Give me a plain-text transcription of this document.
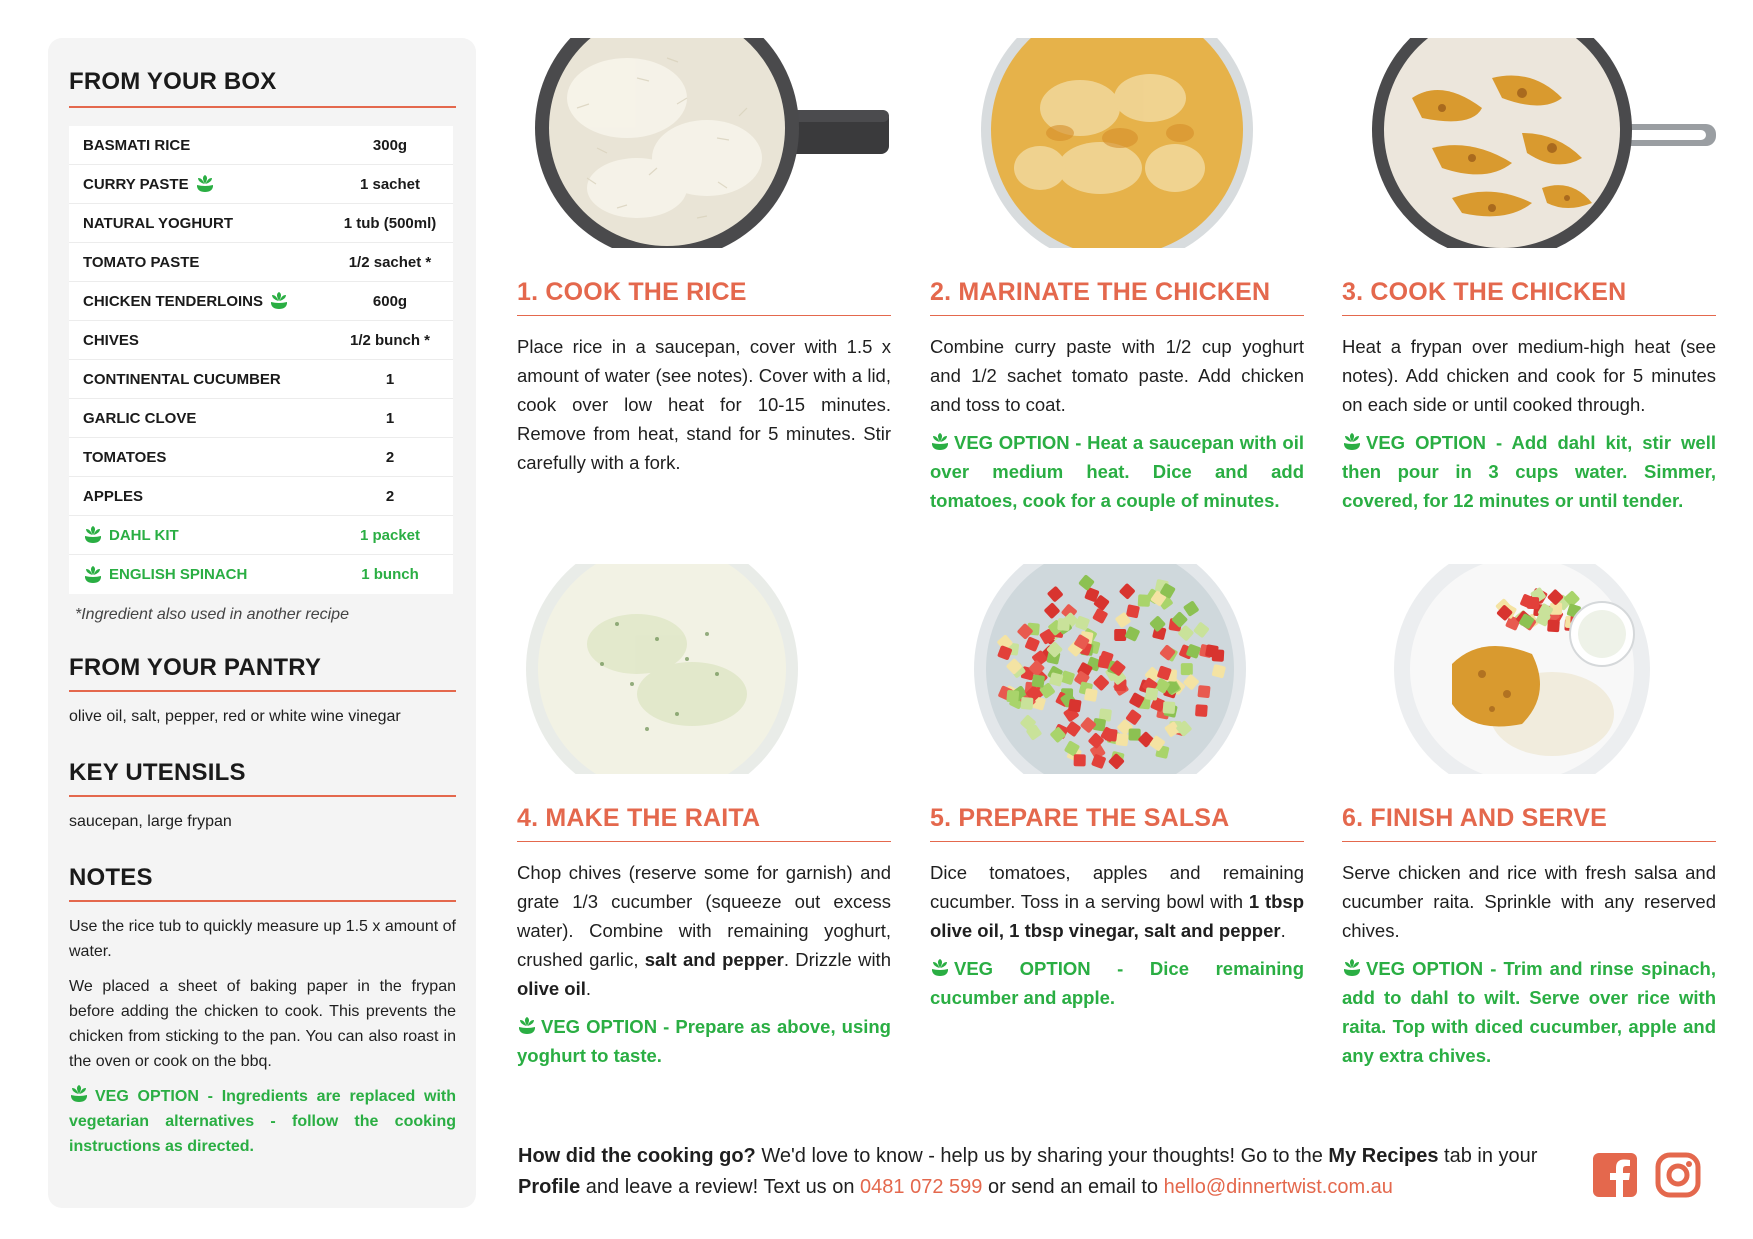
FROM YOUR BOX
BASMATI RICE	300g
CURRY PASTE	1 sachet
NATURAL YOGHURT	1 tub (500ml)
TOMATO PASTE	1/2 sachet *
CHICKEN TENDERLOINS	600g
CHIVES	1/2 bunch *
CONTINENTAL CUCUMBER	1
GARLIC CLOVE	1
TOMATOES	2
APPLES	2
DAHL KIT	1 packet
ENGLISH SPINACH	1 bunch

*Ingredient also used in another recipe

FROM YOUR PANTRY

olive oil, salt, pepper, red or white wine vinegar

KEY UTENSILS

saucepan, large frypan

NOTES

Use the rice tub to quickly measure up 1.5 x amount of water.

We placed a sheet of baking paper in the frypan before adding the chicken to cook. This prevents the chicken from sticking to the pan. You can also roast in the oven or cook on the bbq.

VEG OPTION - Ingredients are replaced with vegetarian alternatives - follow the cooking instructions as directed.

1. COOK THE RICE

Place rice in a saucepan, cover with 1.5 x amount of water (see notes). Cover with a lid, cook over low heat for 10-15 minutes. Remove from heat, stand for 5 minutes. Stir carefully with a fork.

2. MARINATE THE CHICKEN

Combine curry paste with 1/2 cup yoghurt and 1/2 sachet tomato paste. Add chicken and toss to coat.

VEG OPTION - Heat a saucepan with oil over medium heat. Dice and add tomatoes, cook for a couple of minutes.

3. COOK THE CHICKEN

Heat a frypan over medium-high heat (see notes). Add chicken and cook for 5 minutes on each side or until cooked through.

VEG OPTION - Add dahl kit, stir well then pour in 3 cups water. Simmer, covered, for 12 minutes or until tender.

4. MAKE THE RAITA

Chop chives (reserve some for garnish) and grate 1/3 cucumber (squeeze out excess water). Combine with remaining yoghurt, crushed garlic, salt and pepper. Drizzle with olive oil.

VEG OPTION - Prepare as above, using yoghurt to taste.

5. PREPARE THE SALSA

Dice tomatoes, apples and remaining cucumber. Toss in a serving bowl with 1 tbsp olive oil, 1 tbsp vinegar, salt and pepper.

VEG OPTION - Dice remaining cucumber and apple.

6. FINISH AND SERVE

Serve chicken and rice with fresh salsa and cucumber raita. Sprinkle with any reserved chives.

VEG OPTION - Trim and rinse spinach, add to dahl to wilt. Serve over rice with raita. Top with diced cucumber, apple and any extra chives.

How did the cooking go? We'd love to know - help us by sharing your thoughts! Go to the My Recipes tab in your Profile and leave a review! Text us on 0481 072 599 or send an email to hello@dinnertwist.com.au
